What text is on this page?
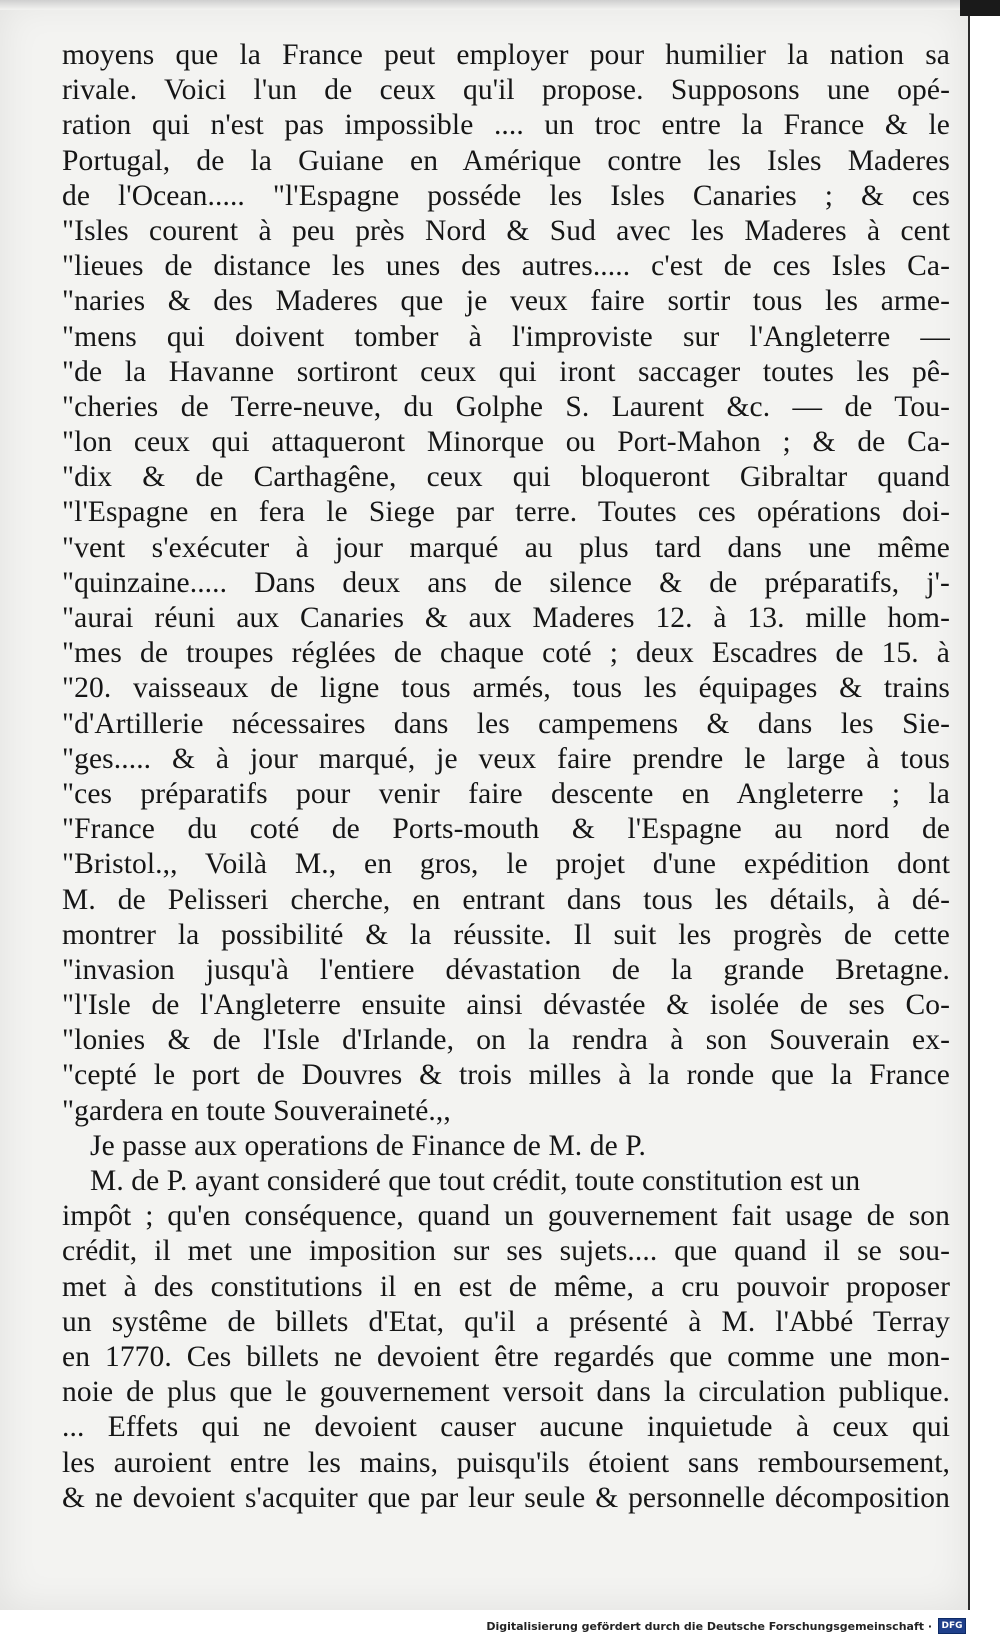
moyens que la France peut employer pour humilier la nation sa
rivale. Voici l'un de ceux qu'il propose. Supposons une opé-
ration qui n'est pas impossible .... un troc entre la France & le
Portugal, de la Guiane en Amérique contre les Isles Maderes
de l'Ocean..... "l'Espagne posséde les Isles Canaries ; & ces
"Isles courent à peu près Nord & Sud avec les Maderes à cent
"lieues de distance les unes des autres..... c'est de ces Isles Ca-
"naries & des Maderes que je veux faire sortir tous les arme-
"mens qui doivent tomber à l'improviste sur l'Angleterre —
"de la Havanne sortiront ceux qui iront saccager toutes les pê-
"cheries de Terre-neuve, du Golphe S. Laurent &c. — de Tou-
"lon ceux qui attaqueront Minorque ou Port-Mahon ; & de Ca-
"dix & de Carthagêne, ceux qui bloqueront Gibraltar quand
"l'Espagne en fera le Siege par terre. Toutes ces opérations doi-
"vent s'exécuter à jour marqué au plus tard dans une même
"quinzaine..... Dans deux ans de silence & de préparatifs, j'-
"aurai réuni aux Canaries & aux Maderes 12. à 13. mille hom-
"mes de troupes réglées de chaque coté ; deux Escadres de 15. à
"20. vaisseaux de ligne tous armés, tous les équipages & trains
"d'Artillerie nécessaires dans les campemens & dans les Sie-
"ges..... & à jour marqué, je veux faire prendre le large à tous
"ces préparatifs pour venir faire descente en Angleterre ; la
"France du coté de Ports-mouth & l'Espagne au nord de
"Bristol.,, Voilà M., en gros, le projet d'une expédition dont
M. de Pelisseri cherche, en entrant dans tous les détails, à dé-
montrer la possibilité & la réussite. Il suit les progrès de cette
"invasion jusqu'à l'entiere dévastation de la grande Bretagne.
"l'Isle de l'Angleterre ensuite ainsi dévastée & isolée de ses Co-
"lonies & de l'Isle d'Irlande, on la rendra à son Souverain ex-
"cepté le port de Douvres & trois milles à la ronde que la France
"gardera en toute Souveraineté.,,
Je passe aux operations de Finance de M. de P.
M. de P. ayant consideré que tout crédit, toute constitution est un
impôt ; qu'en conséquence, quand un gouvernement fait usage de son
crédit, il met une imposition sur ses sujets.... que quand il se sou-
met à des constitutions il en est de même, a cru pouvoir proposer
un systême de billets d'Etat, qu'il a présenté à M. l'Abbé Terray
en 1770. Ces billets ne devoient être regardés que comme une mon-
noie de plus que le gouvernement versoit dans la circulation publique.
... Effets qui ne devoient causer aucune inquietude à ceux qui
les auroient entre les mains, puisqu'ils étoient sans remboursement,
& ne devoient s'acquiter que par leur seule & personnelle décomposition
Digitalisierung gefördert durch die Deutsche Forschungsgemeinschaft ·	DFG
